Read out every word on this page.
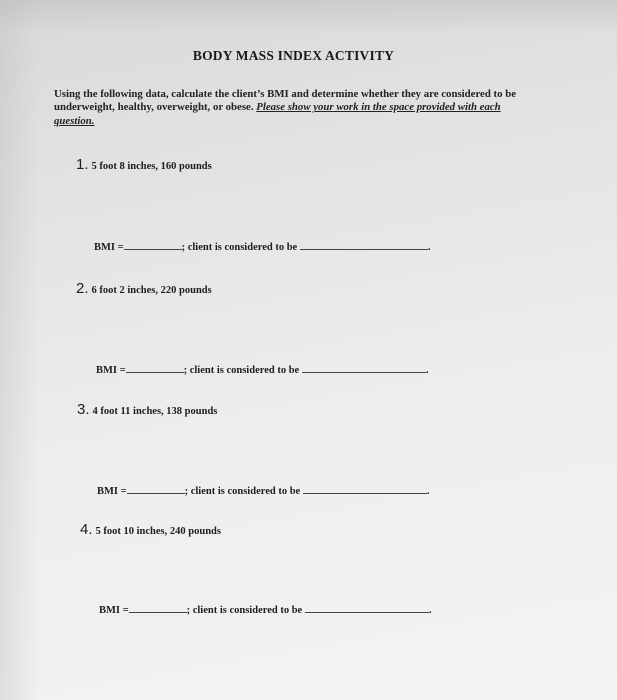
BODY MASS INDEX ACTIVITY
Using the following data, calculate the client’s BMI and determine whether they are considered to be underweight, healthy, overweight, or obese. Please show your work in the space provided with each question.
1. 5 foot 8 inches, 160 pounds
BMI =	; client is considered to be	.
2. 6 foot 2 inches, 220 pounds
BMI =	; client is considered to be	.
3. 4 foot 11 inches, 138 pounds
BMI =	; client is considered to be	.
4. 5 foot 10 inches, 240 pounds
BMI =	; client is considered to be	.
